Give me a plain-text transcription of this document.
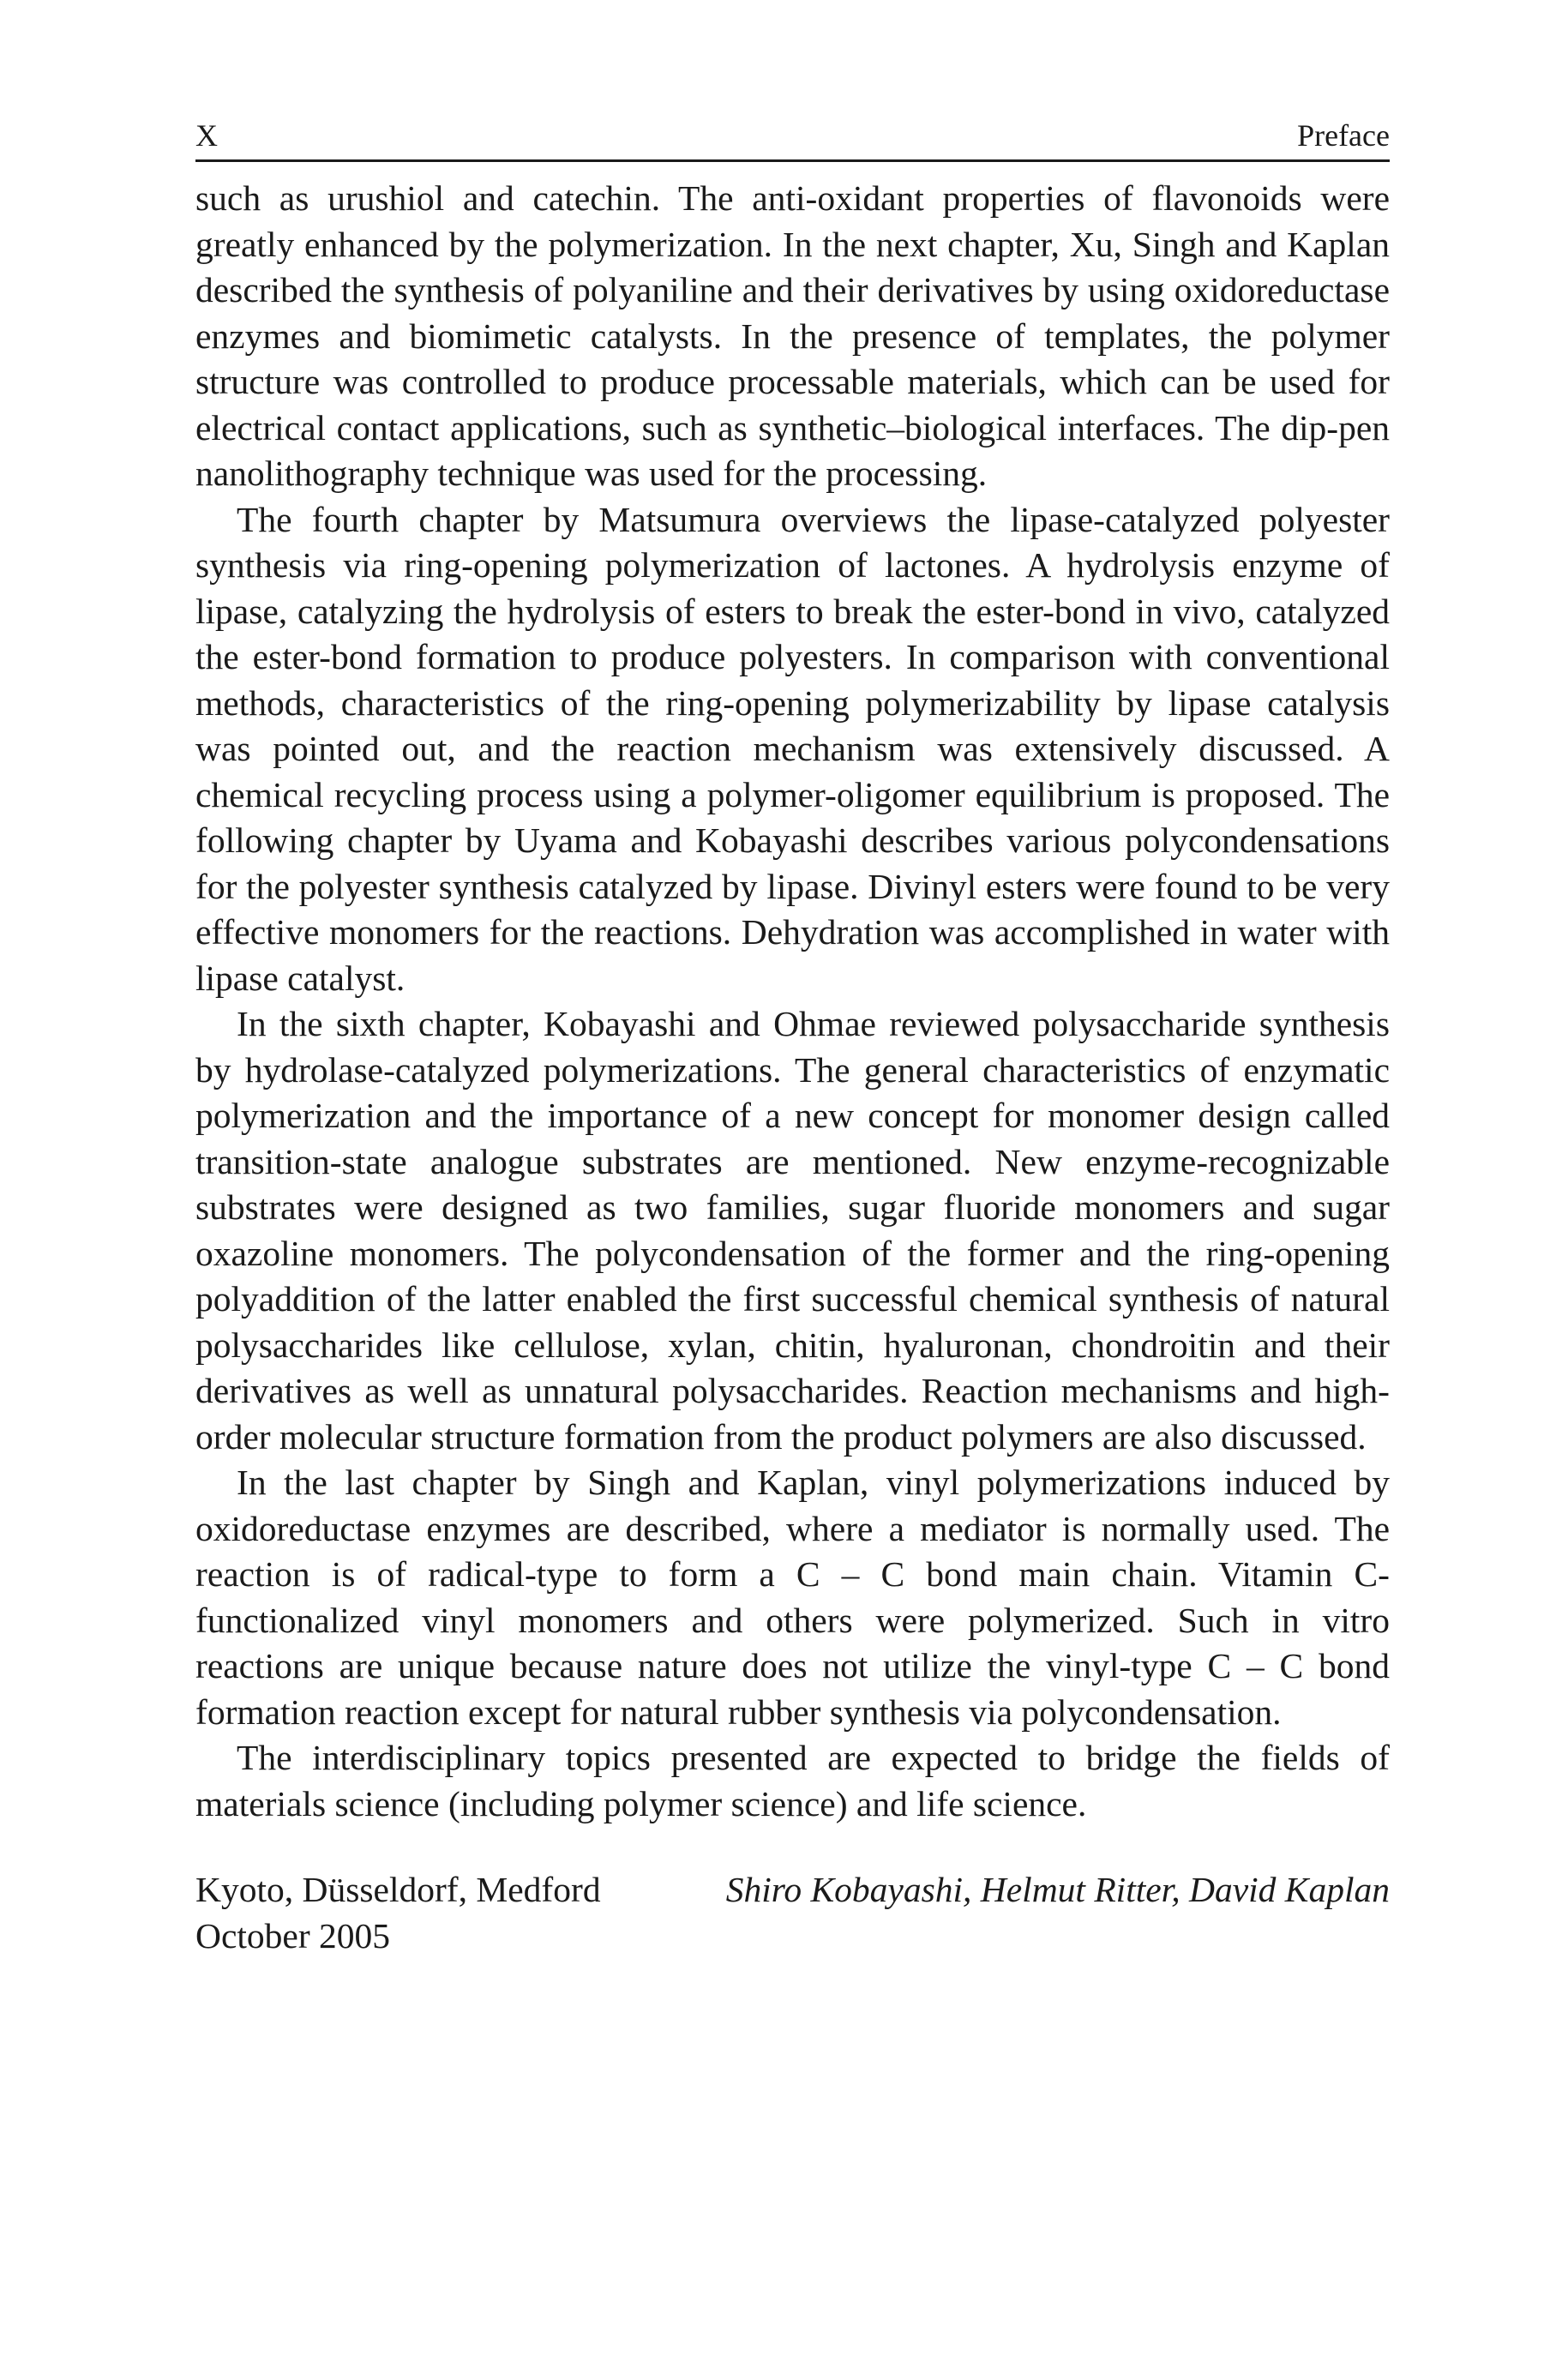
X	Preface

such as urushiol and catechin. The anti-oxidant properties of flavonoids were greatly enhanced by the polymerization. In the next chapter, Xu, Singh and Kaplan described the synthesis of polyaniline and their derivatives by using oxidoreductase enzymes and biomimetic catalysts. In the presence of templates, the polymer structure was controlled to produce processable materials, which can be used for electrical contact applications, such as synthetic–biological interfaces. The dip-pen nanolithography technique was used for the processing.

The fourth chapter by Matsumura overviews the lipase-catalyzed polyester synthesis via ring-opening polymerization of lactones. A hydrolysis enzyme of lipase, catalyzing the hydrolysis of esters to break the ester-bond in vivo, catalyzed the ester-bond formation to produce polyesters. In comparison with conventional methods, characteristics of the ring-opening polymerizability by lipase catalysis was pointed out, and the reaction mechanism was extensively discussed. A chemical recycling process using a polymer-oligomer equilibrium is proposed. The following chapter by Uyama and Kobayashi describes various polycondensations for the polyester synthesis catalyzed by lipase. Divinyl esters were found to be very effective monomers for the reactions. Dehydration was accomplished in water with lipase catalyst.

In the sixth chapter, Kobayashi and Ohmae reviewed polysaccharide synthesis by hydrolase-catalyzed polymerizations. The general characteristics of enzymatic polymerization and the importance of a new concept for monomer design called transition-state analogue substrates are mentioned. New enzyme-recognizable substrates were designed as two families, sugar fluoride monomers and sugar oxazoline monomers. The polycondensation of the former and the ring-opening polyaddition of the latter enabled the first successful chemical synthesis of natural polysaccharides like cellulose, xylan, chitin, hyaluronan, chondroitin and their derivatives as well as unnatural polysaccharides. Reaction mechanisms and high-order molecular structure formation from the product polymers are also discussed.

In the last chapter by Singh and Kaplan, vinyl polymerizations induced by oxidoreductase enzymes are described, where a mediator is normally used. The reaction is of radical-type to form a C – C bond main chain. Vitamin C-functionalized vinyl monomers and others were polymerized. Such in vitro reactions are unique because nature does not utilize the vinyl-type C – C bond formation reaction except for natural rubber synthesis via polycondensation.

The interdisciplinary topics presented are expected to bridge the fields of materials science (including polymer science) and life science.

Kyoto, Düsseldorf, Medford
October 2005
Shiro Kobayashi, Helmut Ritter, David Kaplan
